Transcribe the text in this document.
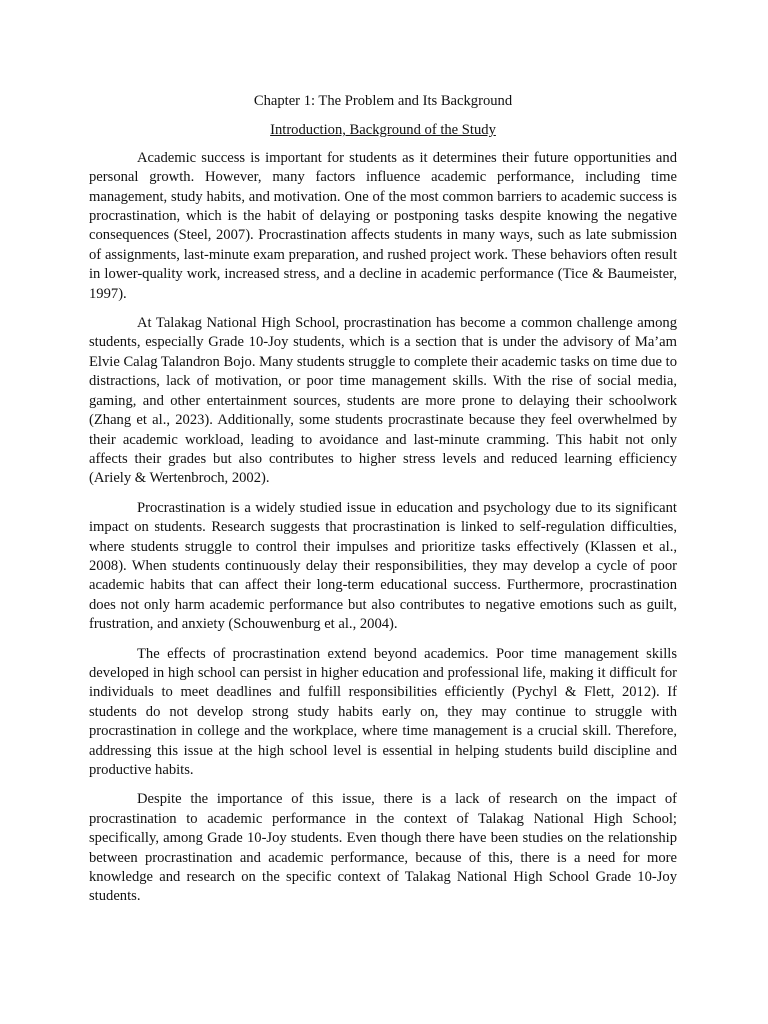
Chapter 1: The Problem and Its Background

Introduction, Background of the Study

Academic success is important for students as it determines their future opportunities and personal growth. However, many factors influence academic performance, including time management, study habits, and motivation. One of the most common barriers to academic success is procrastination, which is the habit of delaying or postponing tasks despite knowing the negative consequences (Steel, 2007). Procrastination affects students in many ways, such as late submission of assignments, last-minute exam preparation, and rushed project work. These behaviors often result in lower-quality work, increased stress, and a decline in academic performance (Tice & Baumeister, 1997).

At Talakag National High School, procrastination has become a common challenge among students, especially Grade 10-Joy students, which is a section that is under the advisory of Ma’am Elvie Calag Talandron Bojo. Many students struggle to complete their academic tasks on time due to distractions, lack of motivation, or poor time management skills. With the rise of social media, gaming, and other entertainment sources, students are more prone to delaying their schoolwork (Zhang et al., 2023). Additionally, some students procrastinate because they feel overwhelmed by their academic workload, leading to avoidance and last-minute cramming. This habit not only affects their grades but also contributes to higher stress levels and reduced learning efficiency (Ariely & Wertenbroch, 2002).

Procrastination is a widely studied issue in education and psychology due to its significant impact on students. Research suggests that procrastination is linked to self-regulation difficulties, where students struggle to control their impulses and prioritize tasks effectively (Klassen et al., 2008). When students continuously delay their responsibilities, they may develop a cycle of poor academic habits that can affect their long-term educational success. Furthermore, procrastination does not only harm academic performance but also contributes to negative emotions such as guilt, frustration, and anxiety (Schouwenburg et al., 2004).

The effects of procrastination extend beyond academics. Poor time management skills developed in high school can persist in higher education and professional life, making it difficult for individuals to meet deadlines and fulfill responsibilities efficiently (Pychyl & Flett, 2012). If students do not develop strong study habits early on, they may continue to struggle with procrastination in college and the workplace, where time management is a crucial skill. Therefore, addressing this issue at the high school level is essential in helping students build discipline and productive habits.

Despite the importance of this issue, there is a lack of research on the impact of procrastination to academic performance in the context of Talakag National High School; specifically, among Grade 10-Joy students. Even though there have been studies on the relationship between procrastination and academic performance, because of this, there is a need for more knowledge and research on the specific context of Talakag National High School Grade 10-Joy students.
